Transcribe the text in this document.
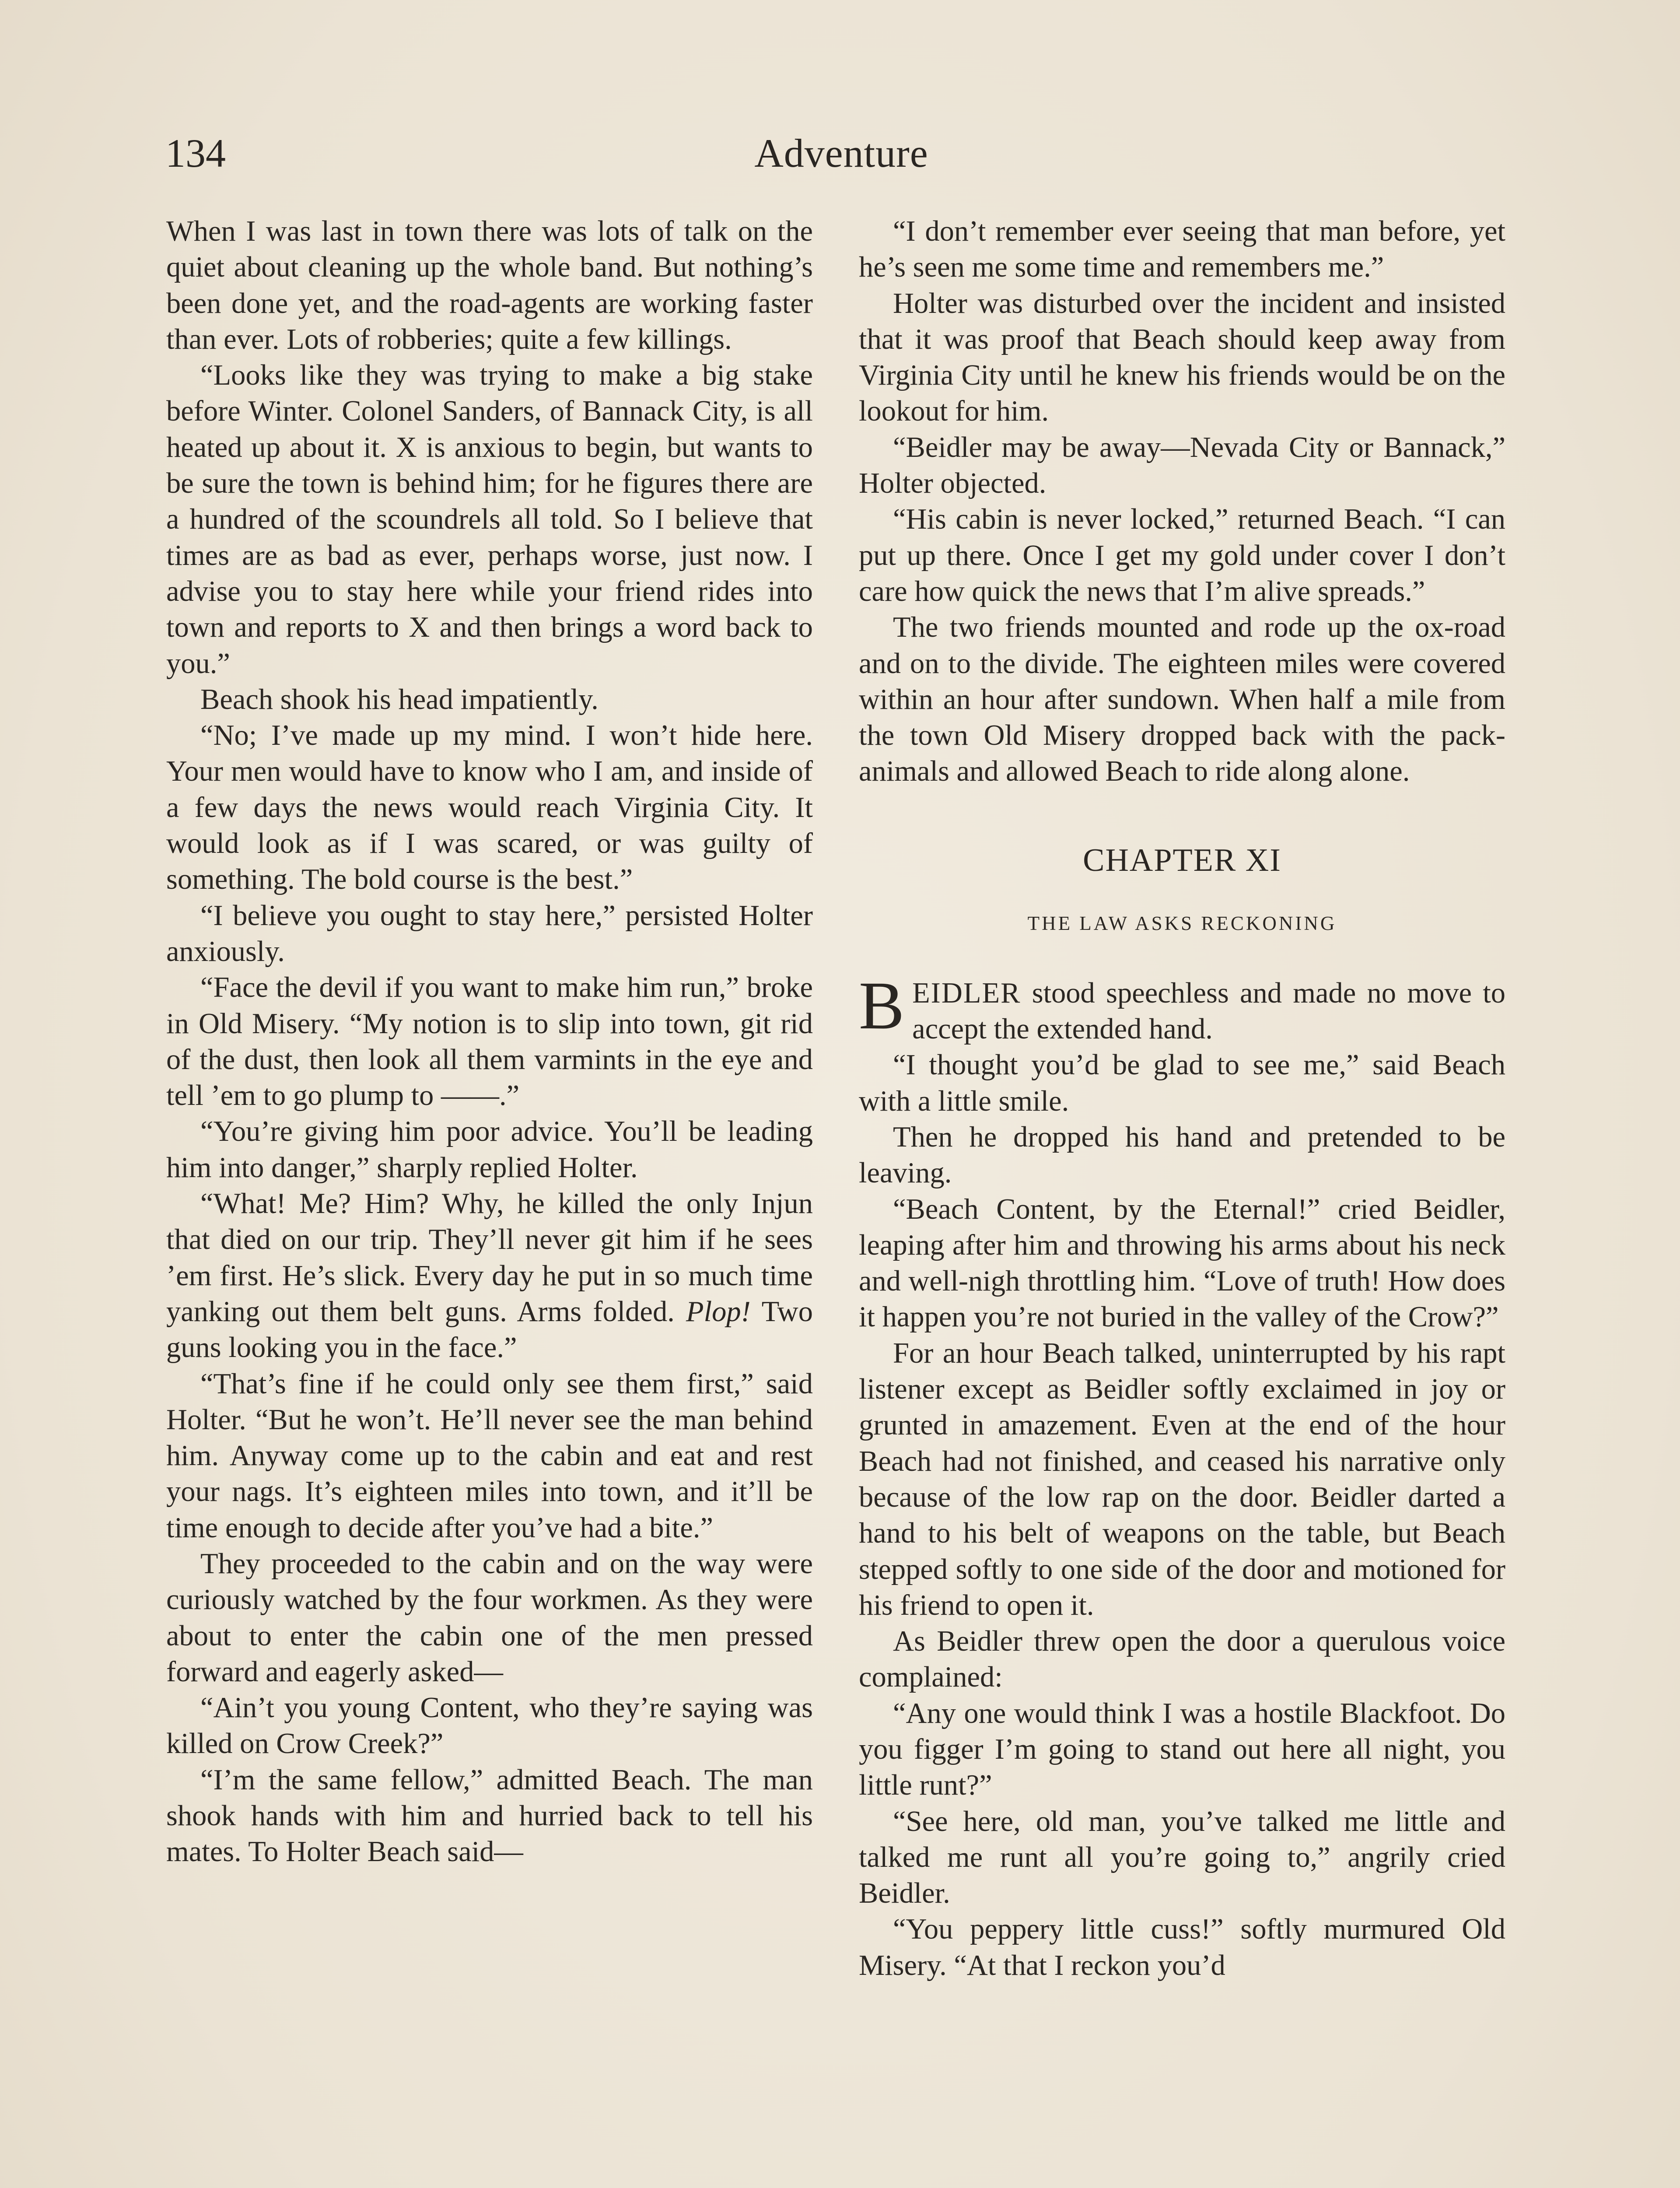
134	Adventure

When I was last in town there was lots of talk on the quiet about cleaning up the whole band. But nothing’s been done yet, and the road-agents are working faster than ever. Lots of robberies; quite a few killings.

“Looks like they was trying to make a big stake before Winter. Colonel Sanders, of Bannack City, is all heated up about it. X is anxious to begin, but wants to be sure the town is behind him; for he figures there are a hundred of the scoundrels all told. So I believe that times are as bad as ever, perhaps worse, just now. I advise you to stay here while your friend rides into town and reports to X and then brings a word back to you.”

Beach shook his head impatiently.

“No; I’ve made up my mind. I won’t hide here. Your men would have to know who I am, and inside of a few days the news would reach Virginia City. It would look as if I was scared, or was guilty of something. The bold course is the best.”

“I believe you ought to stay here,” persisted Holter anxiously.

“Face the devil if you want to make him run,” broke in Old Misery. “My notion is to slip into town, git rid of the dust, then look all them varmints in the eye and tell ’em to go plump to ——.”

“You’re giving him poor advice. You’ll be leading him into danger,” sharply replied Holter.

“What! Me? Him? Why, he killed the only Injun that died on our trip. They’ll never git him if he sees ’em first. He’s slick. Every day he put in so much time yanking out them belt guns. Arms folded. Plop! Two guns looking you in the face.”

“That’s fine if he could only see them first,” said Holter. “But he won’t. He’ll never see the man behind him. Anyway come up to the cabin and eat and rest your nags. It’s eighteen miles into town, and it’ll be time enough to decide after you’ve had a bite.”

They proceeded to the cabin and on the way were curiously watched by the four workmen. As they were about to enter the cabin one of the men pressed forward and eagerly asked—

“Ain’t you young Content, who they’re saying was killed on Crow Creek?”

“I’m the same fellow,” admitted Beach. The man shook hands with him and hurried back to tell his mates. To Holter Beach said—

“I don’t remember ever seeing that man before, yet he’s seen me some time and remembers me.”

Holter was disturbed over the incident and insisted that it was proof that Beach should keep away from Virginia City until he knew his friends would be on the lookout for him.

“Beidler may be away—Nevada City or Bannack,” Holter objected.

“His cabin is never locked,” returned Beach. “I can put up there. Once I get my gold under cover I don’t care how quick the news that I’m alive spreads.”

The two friends mounted and rode up the ox-road and on to the divide. The eighteen miles were covered within an hour after sundown. When half a mile from the town Old Misery dropped back with the pack-animals and allowed Beach to ride along alone.

CHAPTER XI
THE LAW ASKS RECKONING

BEIDLER stood speechless and made no move to accept the extended hand.

“I thought you’d be glad to see me,” said Beach with a little smile.

Then he dropped his hand and pretended to be leaving.

“Beach Content, by the Eternal!” cried Beidler, leaping after him and throwing his arms about his neck and well-nigh throttling him. “Love of truth! How does it happen you’re not buried in the valley of the Crow?”

For an hour Beach talked, uninterrupted by his rapt listener except as Beidler softly exclaimed in joy or grunted in amazement. Even at the end of the hour Beach had not finished, and ceased his narrative only because of the low rap on the door. Beidler darted a hand to his belt of weapons on the table, but Beach stepped softly to one side of the door and motioned for his friend to open it.

As Beidler threw open the door a querulous voice complained:

“Any one would think I was a hostile Blackfoot. Do you figger I’m going to stand out here all night, you little runt?”

“See here, old man, you’ve talked me little and talked me runt all you’re going to,” angrily cried Beidler.

“You peppery little cuss!” softly murmured Old Misery. “At that I reckon you’d
